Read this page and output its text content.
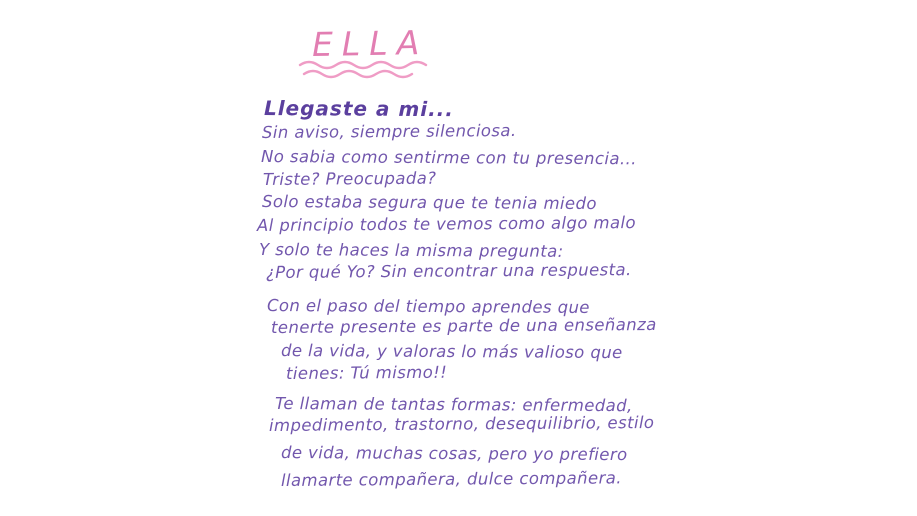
ELLA
Llegaste a mi...
Sin aviso, siempre silenciosa.
No sabia como sentirme con tu presencia...
Triste? Preocupada?
Solo estaba segura que te tenia miedo
Al principio todos te vemos como algo malo
Y solo te haces la misma pregunta:
¿Por qué Yo? Sin encontrar una respuesta.
Con el paso del tiempo aprendes que
tenerte presente es parte de una enseñanza
de la vida, y valoras lo más valioso que
tienes: Tú mismo!!
Te llaman de tantas formas: enfermedad,
impedimento, trastorno, desequilibrio, estilo
de vida, muchas cosas, pero yo prefiero
llamarte compañera, dulce compañera.
